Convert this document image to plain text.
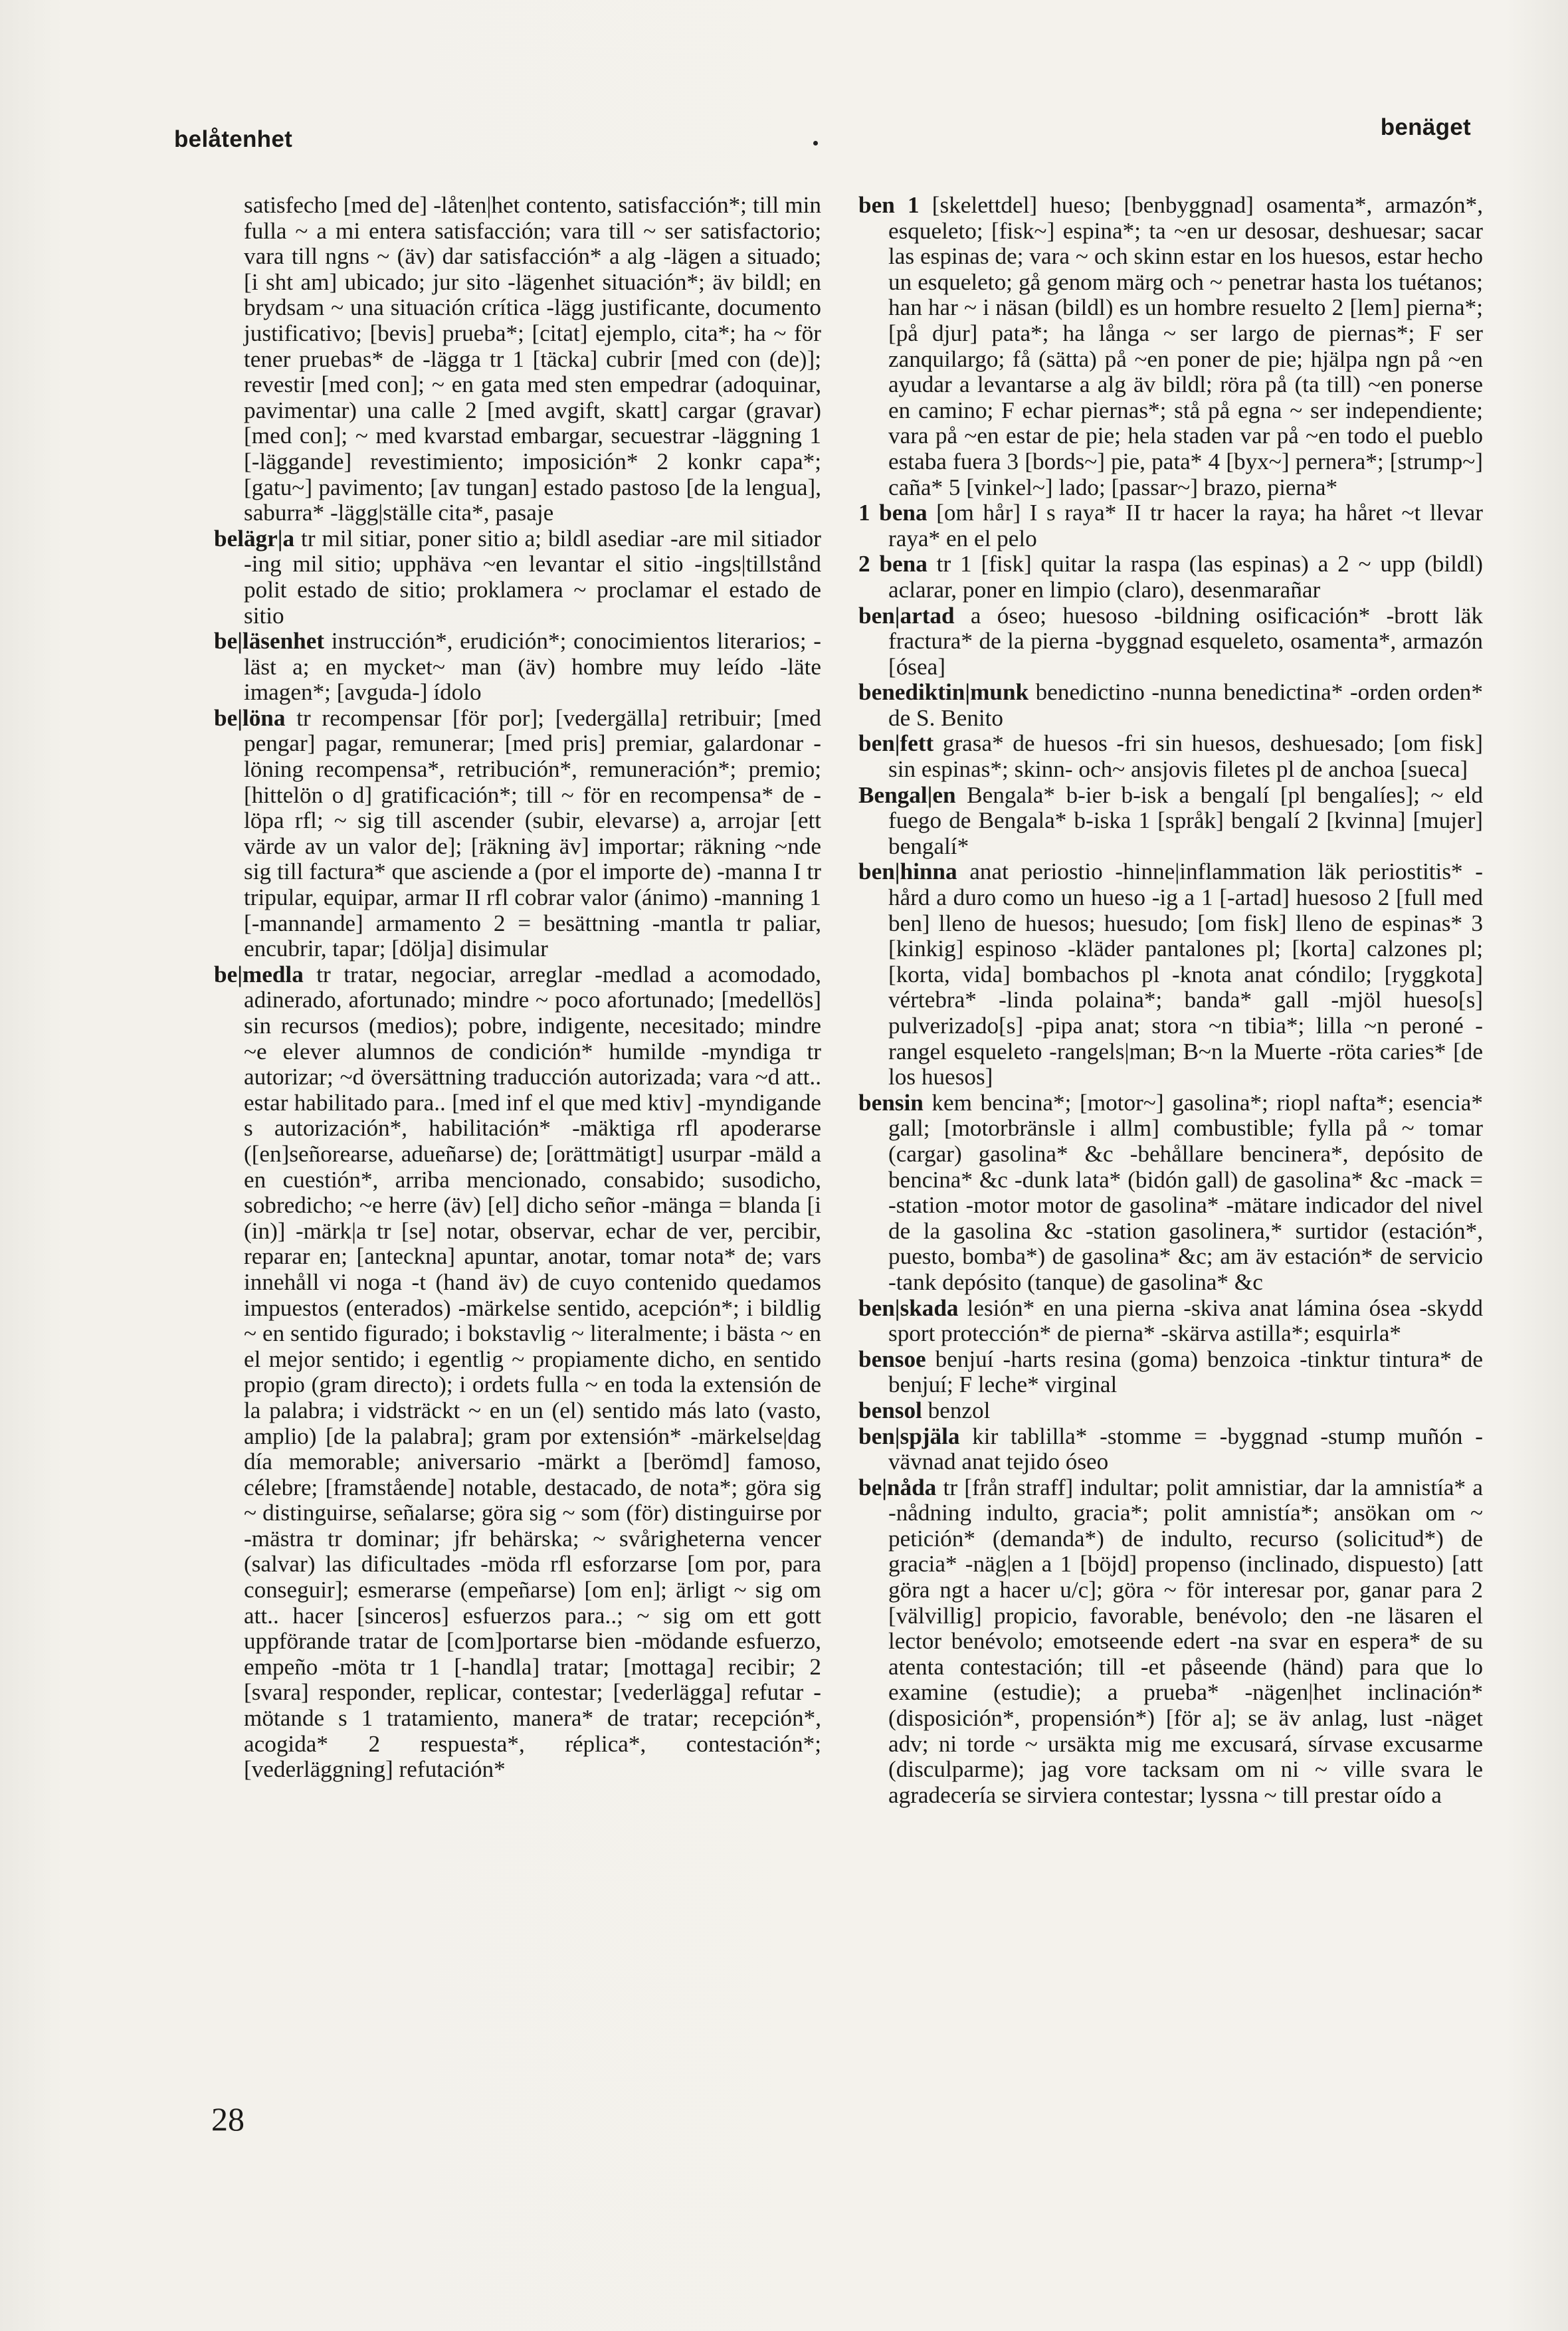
belåtenhet	benäget

satisfecho [med de] -låten|het contento, satisfacción*; till min fulla ~ a mi entera satisfacción; vara till ~ ser satisfactorio; vara till ngns ~ (äv) dar satisfacción* a alg -lägen a situado; [i sht am] ubicado; jur sito -lägenhet situación*; äv bildl; en brydsam ~ una situación crítica -lägg justificante, documento justificativo; [bevis] prueba*; [citat] ejemplo, cita*; ha ~ för tener pruebas* de -lägga tr 1 [täcka] cubrir [med con (de)]; revestir [med con]; ~ en gata med sten empedrar (adoquinar, pavimentar) una calle 2 [med avgift, skatt] cargar (gravar) [med con]; ~ med kvarstad embargar, secuestrar -läggning 1 [-läggande] revestimiento; imposición* 2 konkr capa*; [gatu~] pavimento; [av tungan] estado pastoso [de la lengua], saburra* -lägg|ställe cita*, pasaje

belägr|a tr mil sitiar, poner sitio a; bildl asediar -are mil sitiador -ing mil sitio; upphäva ~en levantar el sitio -ings|tillstånd polit estado de sitio; proklamera ~ proclamar el estado de sitio

be|läsenhet instrucción*, erudición*; conocimientos literarios; -läst a; en mycket~ man (äv) hombre muy leído -läte imagen*; [avguda-] ídolo

be|löna tr recompensar [för por]; [vedergälla] retribuir; [med pengar] pagar, remunerar; [med pris] premiar, galardonar -löning recompensa*, retribución*, remuneración*; premio; [hittelön o d] gratificación*; till ~ för en recompensa* de -löpa rfl; ~ sig till ascender (subir, elevarse) a, arrojar [ett värde av un valor de]; [räkning äv] importar; räkning ~nde sig till factura* que asciende a (por el importe de) -manna I tr tripular, equipar, armar II rfl cobrar valor (ánimo) -manning 1 [-mannande] armamento 2 = besättning -mantla tr paliar, encubrir, tapar; [dölja] disimular

be|medla tr tratar, negociar, arreglar -medlad a acomodado, adinerado, afortunado; mindre ~ poco afortunado; [medellös] sin recursos (medios); pobre, indigente, necesitado; mindre ~e elever alumnos de condición* humilde -myndiga tr autorizar; ~d översättning traducción autorizada; vara ~d att.. estar habilitado para.. [med inf el que med ktiv] -myndigande s autorización*, habilitación* -mäktiga rfl apoderarse ([en]señorearse, adueñarse) de; [orättmätigt] usurpar -mäld a en cuestión*, arriba mencionado, consabido; susodicho, sobredicho; ~e herre (äv) [el] dicho señor -mänga = blanda [i (in)] -märk|a tr [se] notar, observar, echar de ver, percibir, reparar en; [anteckna] apuntar, anotar, tomar nota* de; vars innehåll vi noga -t (hand äv) de cuyo contenido quedamos impuestos (enterados) -märkelse sentido, acepción*; i bildlig ~ en sentido figurado; i bokstavlig ~ literalmente; i bästa ~ en el mejor sentido; i egentlig ~ propiamente dicho, en sentido propio (gram directo); i ordets fulla ~ en toda la extensión de la palabra; i vidsträckt ~ en un (el) sentido más lato (vasto, amplio) [de la palabra]; gram por extensión* -märkelse|dag día memorable; aniversario -märkt a [berömd] famoso, célebre; [framstående] notable, destacado, de nota*; göra sig ~ distinguirse, señalarse; göra sig ~ som (för) distinguirse por -mästra tr dominar; jfr behärska; ~ svårigheterna vencer (salvar) las dificultades -möda rfl esforzarse [om por, para conseguir]; esmerarse (empeñarse) [om en]; ärligt ~ sig om att.. hacer [sinceros] esfuerzos para..; ~ sig om ett gott uppförande tratar de [com]portarse bien -mödande esfuerzo, empeño -möta tr 1 [-handla] tratar; [mottaga] recibir; 2 [svara] responder, replicar, contestar; [vederlägga] refutar -mötande s 1 tratamiento, manera* de tratar; recepción*, acogida* 2 respuesta*, réplica*, contestación*; [vederläggning] refutación*

ben 1 [skelettdel] hueso; [benbyggnad] osamenta*, armazón*, esqueleto; [fisk~] espina*; ta ~en ur desosar, deshuesar; sacar las espinas de; vara ~ och skinn estar en los huesos, estar hecho un esqueleto; gå genom märg och ~ penetrar hasta los tuétanos; han har ~ i näsan (bildl) es un hombre resuelto 2 [lem] pierna*; [på djur] pata*; ha långa ~ ser largo de piernas*; F ser zanquilargo; få (sätta) på ~en poner de pie; hjälpa ngn på ~en ayudar a levantarse a alg äv bildl; röra på (ta till) ~en ponerse en camino; F echar piernas*; stå på egna ~ ser independiente; vara på ~en estar de pie; hela staden var på ~en todo el pueblo estaba fuera 3 [bords~] pie, pata* 4 [byx~] pernera*; [strump~] caña* 5 [vinkel~] lado; [passar~] brazo, pierna*

1 bena [om hår] I s raya* II tr hacer la raya; ha håret ~t llevar raya* en el pelo

2 bena tr 1 [fisk] quitar la raspa (las espinas) a 2 ~ upp (bildl) aclarar, poner en limpio (claro), desenmarañar

ben|artad a óseo; huesoso -bildning osificación* -brott läk fractura* de la pierna -byggnad esqueleto, osamenta*, armazón [ósea]

benediktin|munk benedictino -nunna benedictina* -orden orden* de S. Benito

ben|fett grasa* de huesos -fri sin huesos, deshuesado; [om fisk] sin espinas*; skinn- och~ ansjovis filetes pl de anchoa [sueca]

Bengal|en Bengala* b-ier b-isk a bengalí [pl bengalíes]; ~ eld fuego de Bengala* b-iska 1 [språk] bengalí 2 [kvinna] [mujer] bengalí*

ben|hinna anat periostio -hinne|inflammation läk periostitis* -hård a duro como un hueso -ig a 1 [-artad] huesoso 2 [full med ben] lleno de huesos; huesudo; [om fisk] lleno de espinas* 3 [kinkig] espinoso -kläder pantalones pl; [korta] calzones pl; [korta, vida] bombachos pl -knota anat cóndilo; [ryggkota] vértebra* -linda polaina*; banda* gall -mjöl hueso[s] pulverizado[s] -pipa anat; stora ~n tibia*; lilla ~n peroné -rangel esqueleto -rangels|man; B~n la Muerte -röta caries* [de los huesos]

bensin kem bencina*; [motor~] gasolina*; riopl nafta*; esencia* gall; [motorbränsle i allm] combustible; fylla på ~ tomar (cargar) gasolina* &c -behållare bencinera*, depósito de bencina* &c -dunk lata* (bidón gall) de gasolina* &c -mack = -station -motor motor de gasolina* -mätare indicador del nivel de la gasolina &c -station gasolinera,* surtidor (estación*, puesto, bomba*) de gasolina* &c; am äv estación* de servicio -tank depósito (tanque) de gasolina* &c

ben|skada lesión* en una pierna -skiva anat lámina ósea -skydd sport protección* de pierna* -skärva astilla*; esquirla*

bensoe benjuí -harts resina (goma) benzoica -tinktur tintura* de benjuí; F leche* virginal

bensol benzol

ben|spjäla kir tablilla* -stomme = -byggnad -stump muñón -vävnad anat tejido óseo

be|nåda tr [från straff] indultar; polit amnistiar, dar la amnistía* a -nådning indulto, gracia*; polit amnistía*; ansökan om ~ petición* (demanda*) de indulto, recurso (solicitud*) de gracia* -näg|en a 1 [böjd] propenso (inclinado, dispuesto) [att göra ngt a hacer u/c]; göra ~ för interesar por, ganar para 2 [välvillig] propicio, favorable, benévolo; den -ne läsaren el lector benévolo; emotseende edert -na svar en espera* de su atenta contestación; till -et påseende (händ) para que lo examine (estudie); a prueba* -nägen|het inclinación* (disposición*, propensión*) [för a]; se äv anlag, lust -näget adv; ni torde ~ ursäkta mig me excusará, sírvase excusarme (disculparme); jag vore tacksam om ni ~ ville svara le agradecería se sirviera contestar; lyssna ~ till prestar oído a

28
